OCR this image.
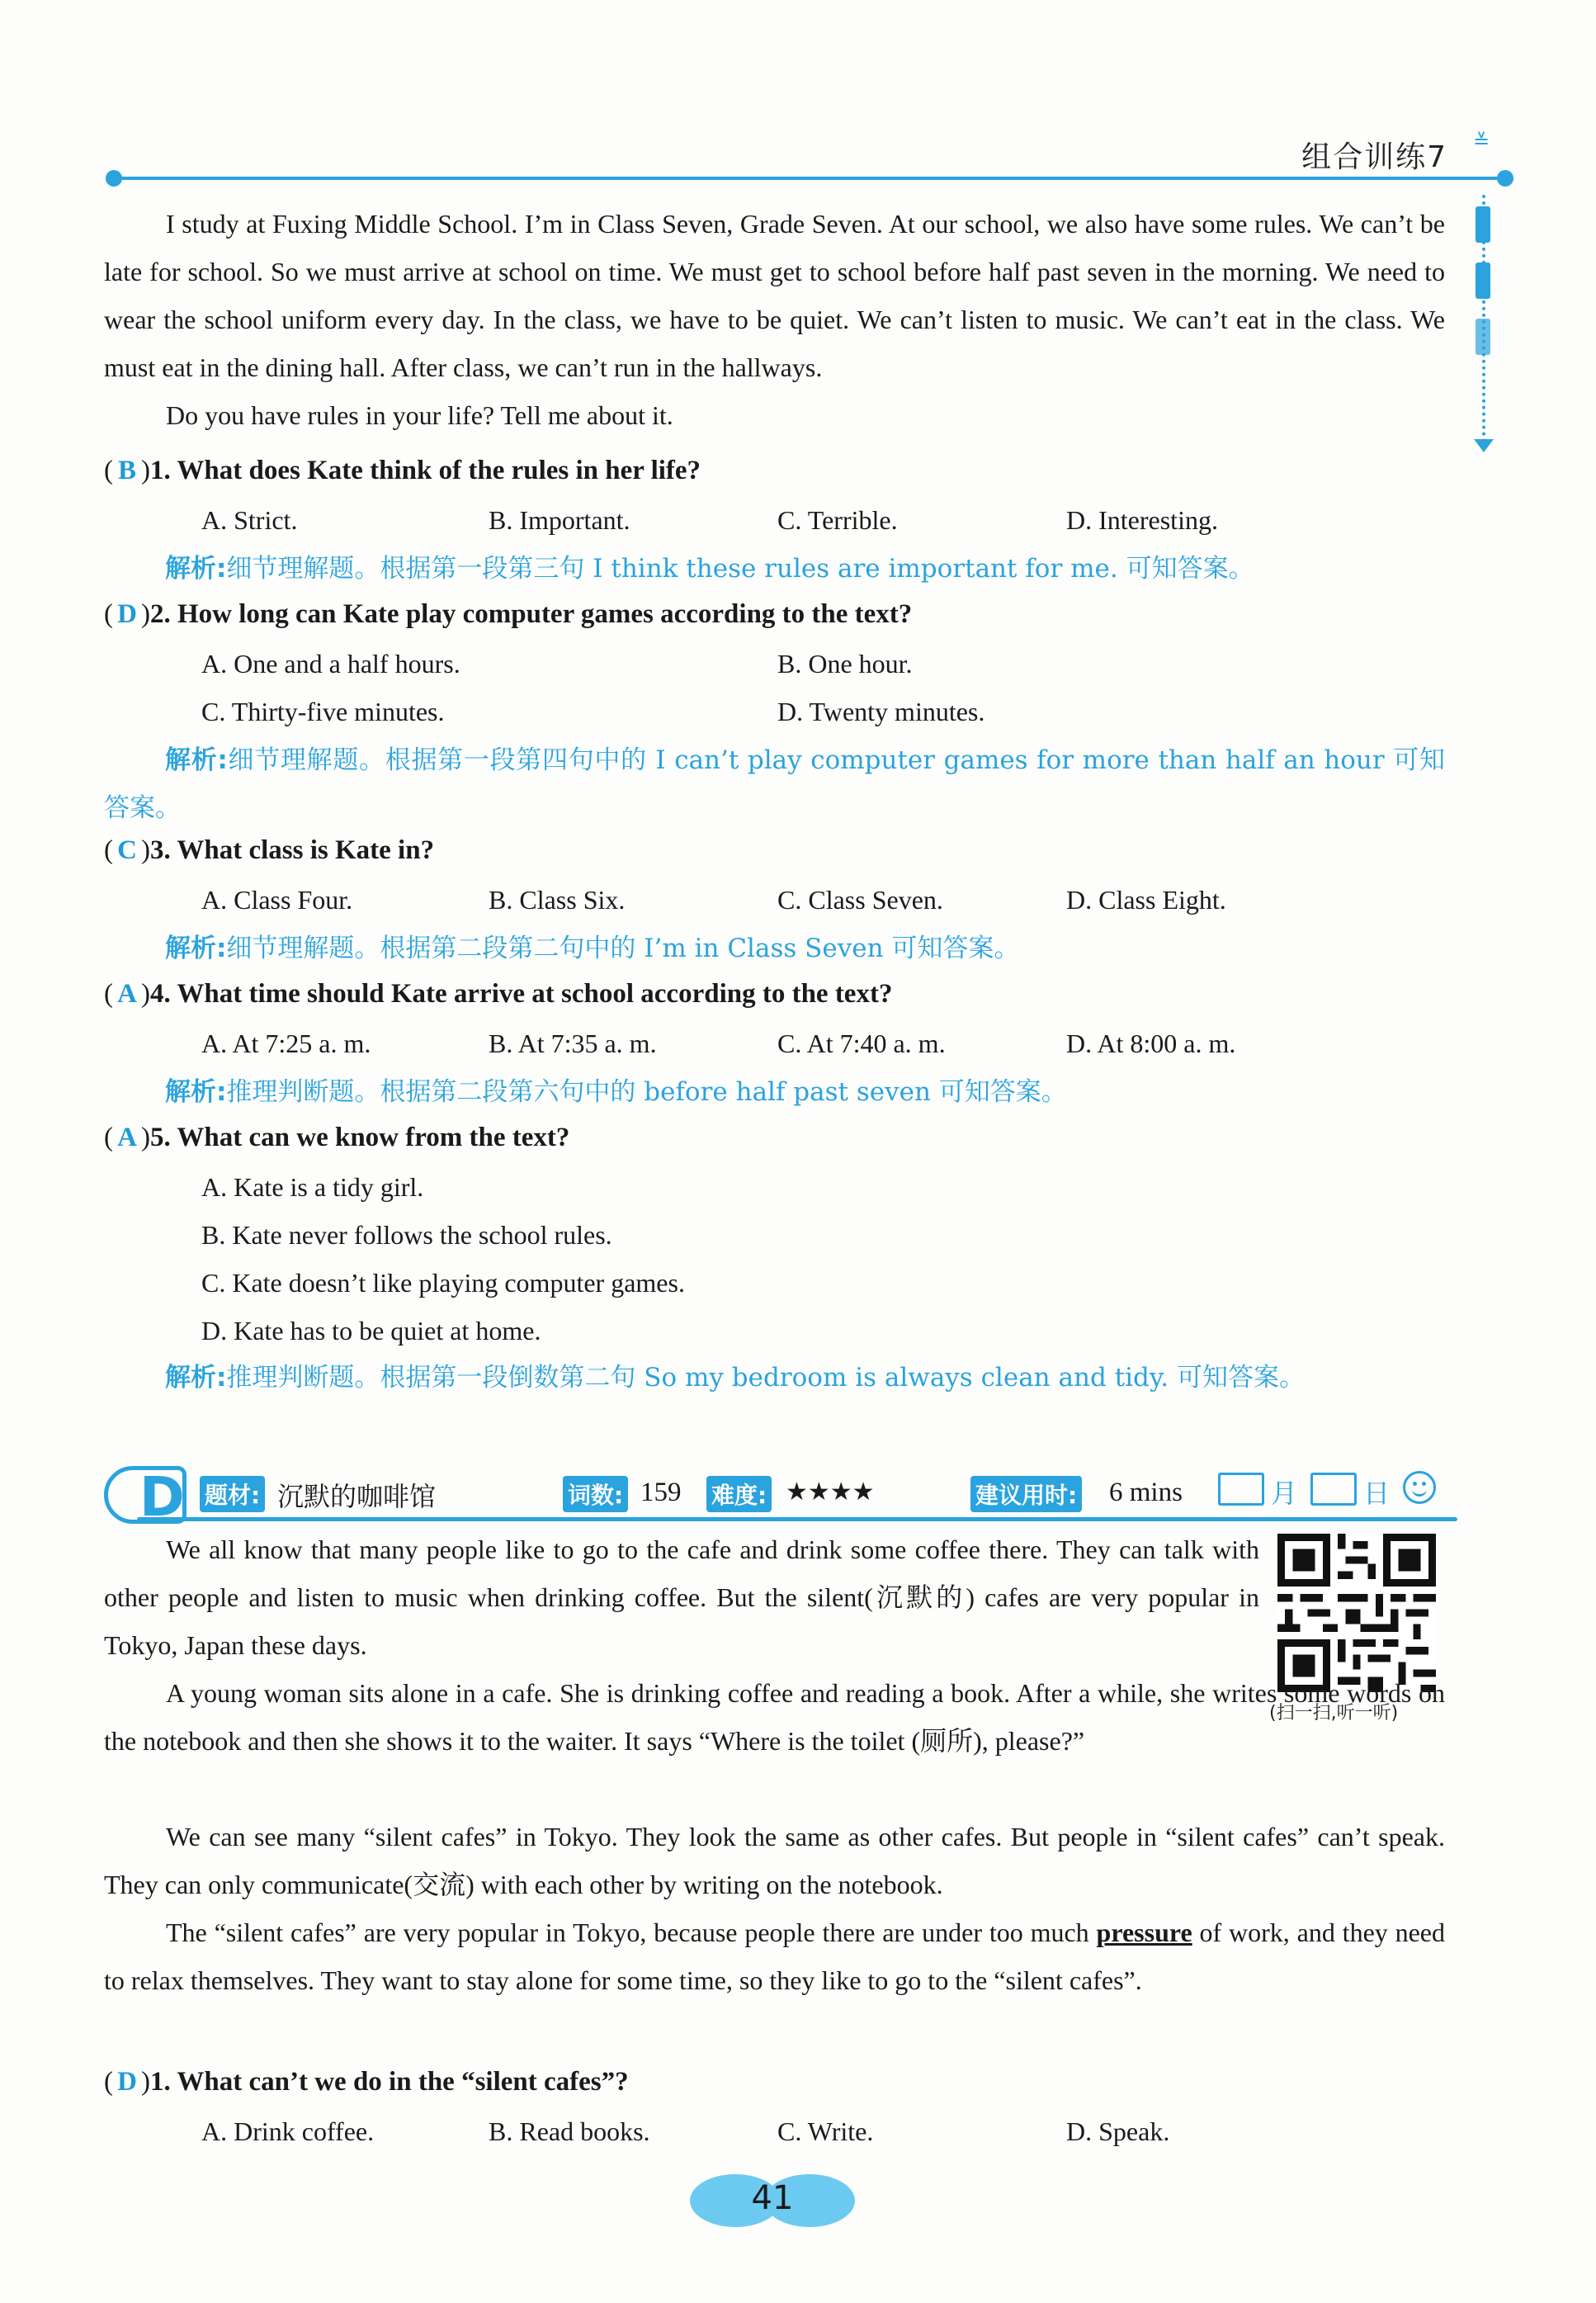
组合训练7 ≚
I study at Fuxing Middle School. I’m in Class Seven, Grade Seven. At our school, we also have some rules. We can’t be late for school. So we must arrive at school on time. We must get to school before half past seven in the morning. We need to wear the school uniform every day. In the class, we have to be quiet. We can’t listen to music. We can’t eat in the class. We must eat in the dining hall. After class, we can’t run in the hallways.
Do you have rules in your life? Tell me about it.
( B )1. What does Kate think of the rules in her life?
A. Strict.	B. Important.	C. Terrible.	D. Interesting.
解析:细节理解题。根据第一段第三句 I think these rules are important for me. 可知答案。
( D )2. How long can Kate play computer games according to the text?
A. One and a half hours.	B. One hour.
C. Thirty-five minutes.	D. Twenty minutes.
解析:细节理解题。根据第一段第四句中的 I can’t play computer games for more than half an hour 可知答案。
( C )3. What class is Kate in?
A. Class Four.	B. Class Six.	C. Class Seven.	D. Class Eight.
解析:细节理解题。根据第二段第二句中的 I’m in Class Seven 可知答案。
( A )4. What time should Kate arrive at school according to the text?
A. At 7:25 a. m.	B. At 7:35 a. m.	C. At 7:40 a. m.	D. At 8:00 a. m.
解析:推理判断题。根据第二段第六句中的 before half past seven 可知答案。
( A )5. What can we know from the text?
A. Kate is a tidy girl.
B. Kate never follows the school rules.
C. Kate doesn’t like playing computer games.
D. Kate has to be quiet at home.
解析:推理判断题。根据第一段倒数第二句 So my bedroom is always clean and tidy. 可知答案。
D 题材: 沉默的咖啡馆	词数: 159 难度: ★★★★	建议用时: 6 mins	月 日
(扫一扫,听一听)
We all know that many people like to go to the cafe and drink some coffee there. They can talk with other people and listen to music when drinking coffee. But the silent(沉默的) cafes are very popular in Tokyo, Japan these days.
A young woman sits alone in a cafe. She is drinking coffee and reading a book. After a while, she writes some words on the notebook and then she shows it to the waiter. It says “Where is the toilet (厕所), please?”
We can see many “silent cafes” in Tokyo. They look the same as other cafes. But people in “silent cafes” can’t speak. They can only communicate(交流) with each other by writing on the notebook.
The “silent cafes” are very popular in Tokyo, because people there are under too much pressure of work, and they need to relax themselves. They want to stay alone for some time, so they like to go to the “silent cafes”.
( D )1. What can’t we do in the “silent cafes”?
A. Drink coffee.	B. Read books.	C. Write.	D. Speak.
41
